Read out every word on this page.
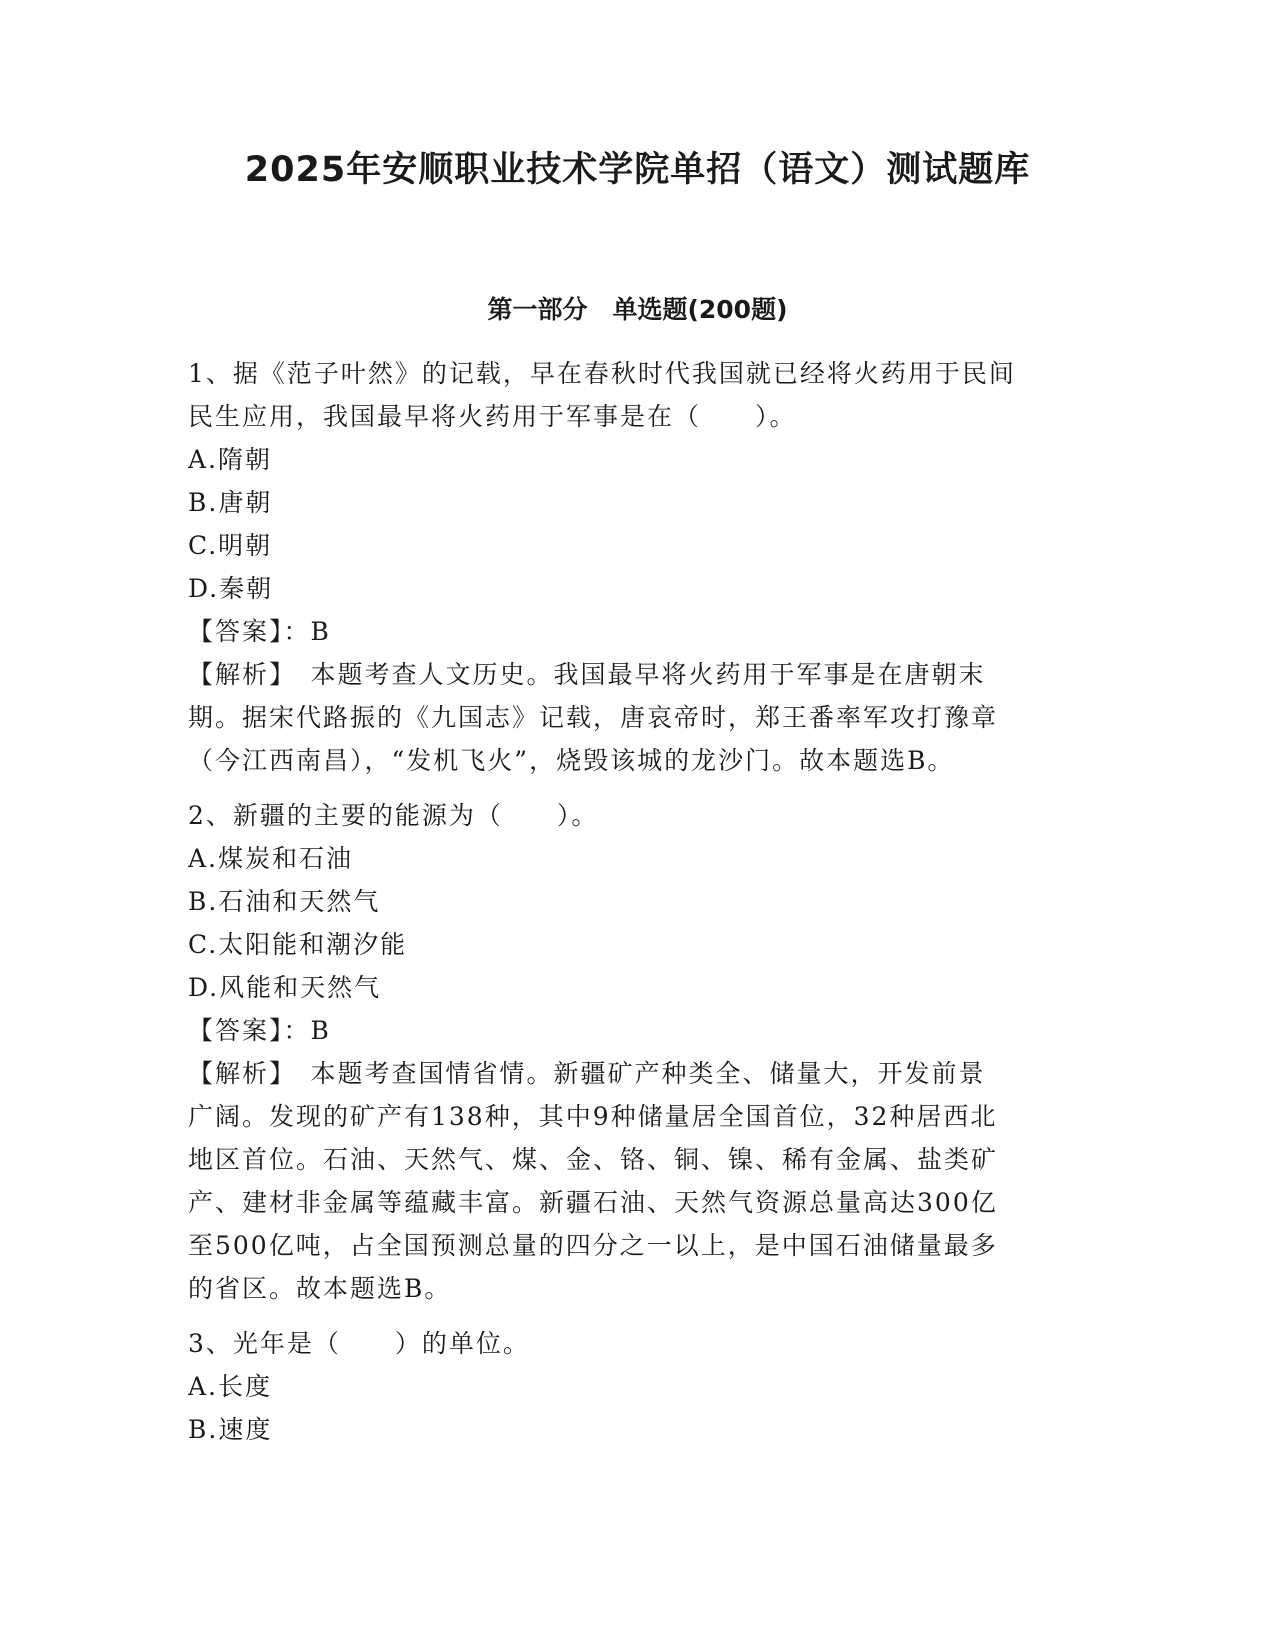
2025年安顺职业技术学院单招（语文）测试题库
第一部分　单选题(200题)
1、据《范子叶然》的记载，早在春秋时代我国就已经将火药用于民间
民生应用，我国最早将火药用于军事是在（　　）。
A.隋朝
B.唐朝
C.明朝
D.秦朝
【答案】：B
【解析】　本题考查人文历史。我国最早将火药用于军事是在唐朝末
期。据宋代路振的《九国志》记载，唐哀帝时，郑王番率军攻打豫章
（今江西南昌），“发机飞火”，烧毁该城的龙沙门。故本题选B。
2、新疆的主要的能源为（　　）。
A.煤炭和石油
B.石油和天然气
C.太阳能和潮汐能
D.风能和天然气
【答案】：B
【解析】　本题考查国情省情。新疆矿产种类全、储量大，开发前景
广阔。发现的矿产有138种，其中9种储量居全国首位，32种居西北
地区首位。石油、天然气、煤、金、铬、铜、镍、稀有金属、盐类矿
产、建材非金属等蕴藏丰富。新疆石油、天然气资源总量高达300亿
至500亿吨，占全国预测总量的四分之一以上，是中国石油储量最多
的省区。故本题选B。
3、光年是（　　）的单位。
A.长度
B.速度
